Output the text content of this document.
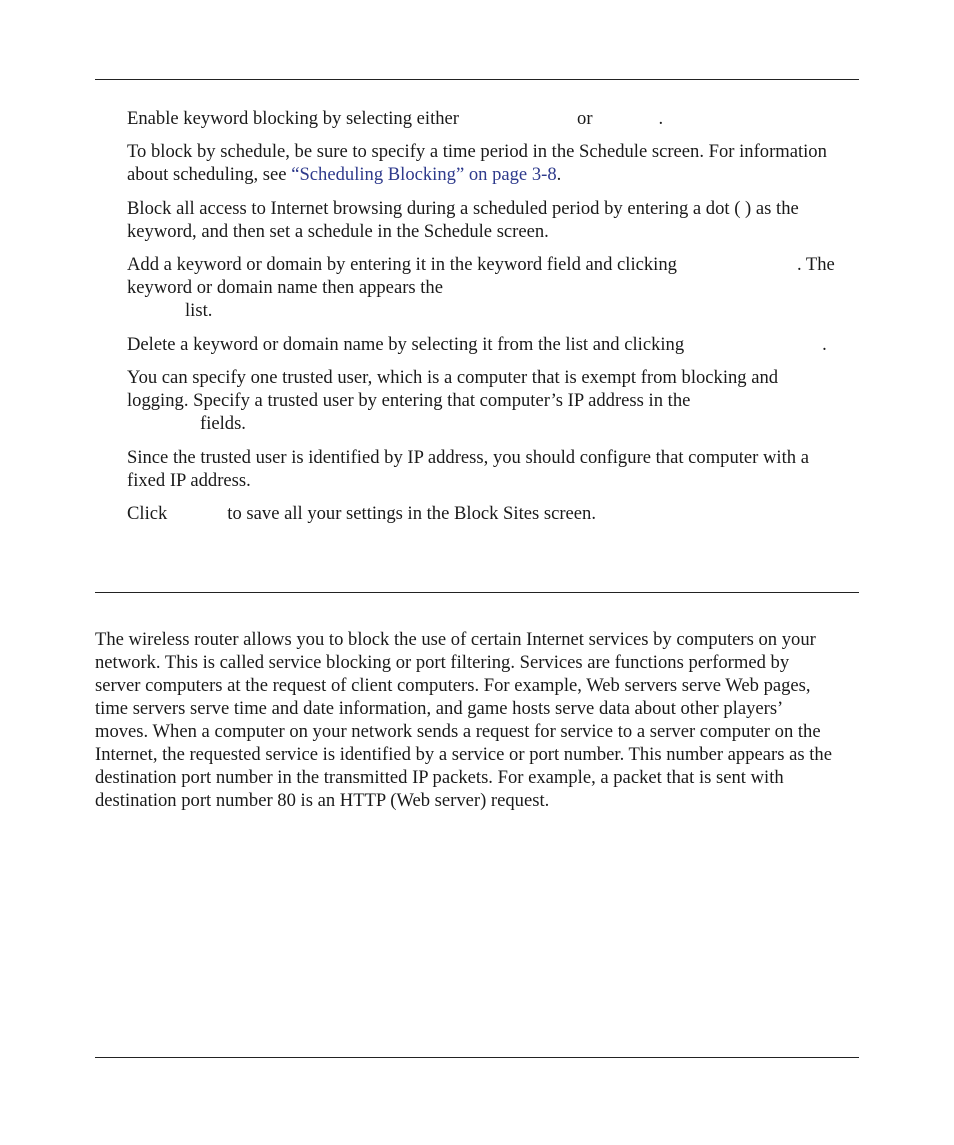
Enable keyword blocking by selecting either	or	.

To block by schedule, be sure to specify a time period in the Schedule screen. For information
about scheduling, see “Scheduling Blocking” on page 3-8.

Block all access to Internet browsing during a scheduled period by entering a dot ( ) as the
keyword, and then set a schedule in the Schedule screen.

Add a keyword or domain by entering it in the keyword field and clicking	. The
keyword or domain name then appears the
list.

Delete a keyword or domain name by selecting it from the list and clicking	.

You can specify one trusted user, which is a computer that is exempt from blocking and
logging. Specify a trusted user by entering that computer’s IP address in the
fields.

Since the trusted user is identified by IP address, you should configure that computer with a
fixed IP address.

Click	to save all your settings in the Block Sites screen.

The wireless router allows you to block the use of certain Internet services by computers on your
network. This is called service blocking or port filtering. Services are functions performed by
server computers at the request of client computers. For example, Web servers serve Web pages,
time servers serve time and date information, and game hosts serve data about other players’
moves. When a computer on your network sends a request for service to a server computer on the
Internet, the requested service is identified by a service or port number. This number appears as the
destination port number in the transmitted IP packets. For example, a packet that is sent with
destination port number 80 is an HTTP (Web server) request.
